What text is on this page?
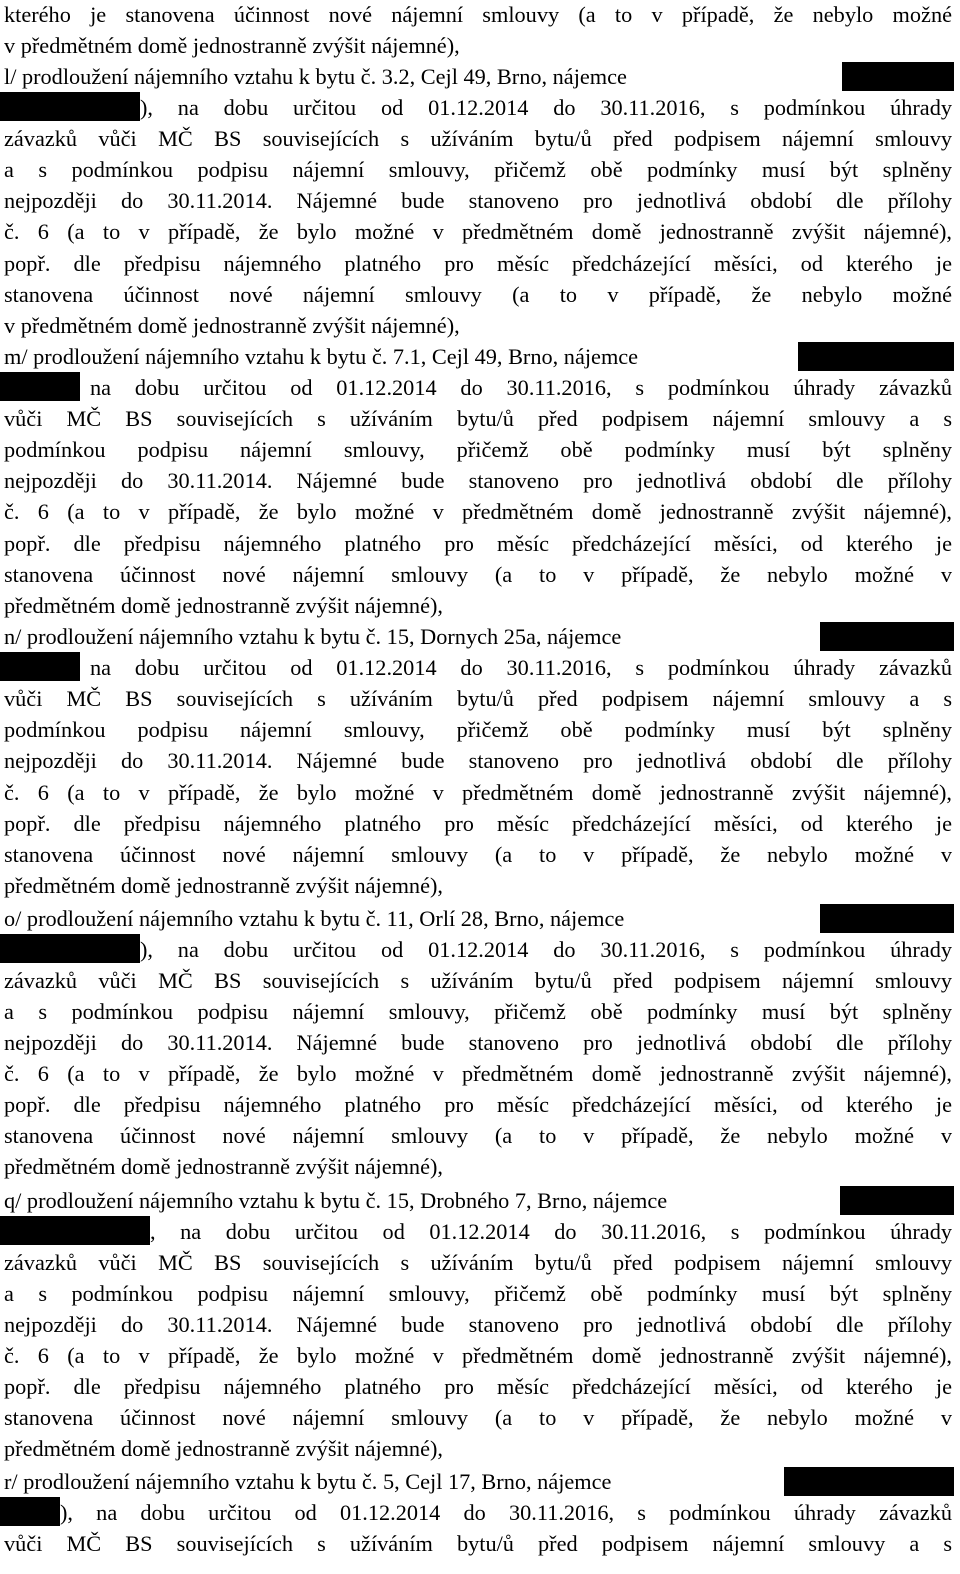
kterého je stanovena účinnost nové nájemní smlouvy (a to v případě, že nebylo možné
v předmětném domě jednostranně zvýšit nájemné),
l/ prodloužení nájemního vztahu k bytu č. 3.2, Cejl 49, Brno, nájemce
), na dobu určitou od 01.12.2014 do 30.11.2016, s podmínkou úhrady
závazků vůči MČ BS souvisejících s užíváním bytu/ů před podpisem nájemní smlouvy
a s podmínkou podpisu nájemní smlouvy, přičemž obě podmínky musí být splněny
nejpozději do 30.11.2014. Nájemné bude stanoveno pro jednotlivá období dle přílohy
č. 6 (a to v případě, že bylo možné v předmětném domě jednostranně zvýšit nájemné),
popř. dle předpisu nájemného platného pro měsíc předcházející měsíci, od kterého je
stanovena účinnost nové nájemní smlouvy (a to v případě, že nebylo možné
v předmětném domě jednostranně zvýšit nájemné),
m/ prodloužení nájemního vztahu k bytu č. 7.1, Cejl 49, Brno, nájemce
na dobu určitou od 01.12.2014 do 30.11.2016, s podmínkou úhrady závazků
vůči MČ BS souvisejících s užíváním bytu/ů před podpisem nájemní smlouvy a s
podmínkou podpisu nájemní smlouvy, přičemž obě podmínky musí být splněny
nejpozději do 30.11.2014. Nájemné bude stanoveno pro jednotlivá období dle přílohy
č. 6 (a to v případě, že bylo možné v předmětném domě jednostranně zvýšit nájemné),
popř. dle předpisu nájemného platného pro měsíc předcházející měsíci, od kterého je
stanovena účinnost nové nájemní smlouvy (a to v případě, že nebylo možné v
předmětném domě jednostranně zvýšit nájemné),
n/ prodloužení nájemního vztahu k bytu č. 15, Dornych 25a, nájemce
na dobu určitou od 01.12.2014 do 30.11.2016, s podmínkou úhrady závazků
vůči MČ BS souvisejících s užíváním bytu/ů před podpisem nájemní smlouvy a s
podmínkou podpisu nájemní smlouvy, přičemž obě podmínky musí být splněny
nejpozději do 30.11.2014. Nájemné bude stanoveno pro jednotlivá období dle přílohy
č. 6 (a to v případě, že bylo možné v předmětném domě jednostranně zvýšit nájemné),
popř. dle předpisu nájemného platného pro měsíc předcházející měsíci, od kterého je
stanovena účinnost nové nájemní smlouvy (a to v případě, že nebylo možné v
předmětném domě jednostranně zvýšit nájemné),
o/ prodloužení nájemního vztahu k bytu č. 11, Orlí 28, Brno, nájemce
), na dobu určitou od 01.12.2014 do 30.11.2016, s podmínkou úhrady
závazků vůči MČ BS souvisejících s užíváním bytu/ů před podpisem nájemní smlouvy
a s podmínkou podpisu nájemní smlouvy, přičemž obě podmínky musí být splněny
nejpozději do 30.11.2014. Nájemné bude stanoveno pro jednotlivá období dle přílohy
č. 6 (a to v případě, že bylo možné v předmětném domě jednostranně zvýšit nájemné),
popř. dle předpisu nájemného platného pro měsíc předcházející měsíci, od kterého je
stanovena účinnost nové nájemní smlouvy (a to v případě, že nebylo možné v
předmětném domě jednostranně zvýšit nájemné),
q/ prodloužení nájemního vztahu k bytu č. 15, Drobného 7, Brno, nájemce
, na dobu určitou od 01.12.2014 do 30.11.2016, s podmínkou úhrady
závazků vůči MČ BS souvisejících s užíváním bytu/ů před podpisem nájemní smlouvy
a s podmínkou podpisu nájemní smlouvy, přičemž obě podmínky musí být splněny
nejpozději do 30.11.2014. Nájemné bude stanoveno pro jednotlivá období dle přílohy
č. 6 (a to v případě, že bylo možné v předmětném domě jednostranně zvýšit nájemné),
popř. dle předpisu nájemného platného pro měsíc předcházející měsíci, od kterého je
stanovena účinnost nové nájemní smlouvy (a to v případě, že nebylo možné v
předmětném domě jednostranně zvýšit nájemné),
r/ prodloužení nájemního vztahu k bytu č. 5, Cejl 17, Brno, nájemce
), na dobu určitou od 01.12.2014 do 30.11.2016, s podmínkou úhrady závazků
vůči MČ BS souvisejících s užíváním bytu/ů před podpisem nájemní smlouvy a s
